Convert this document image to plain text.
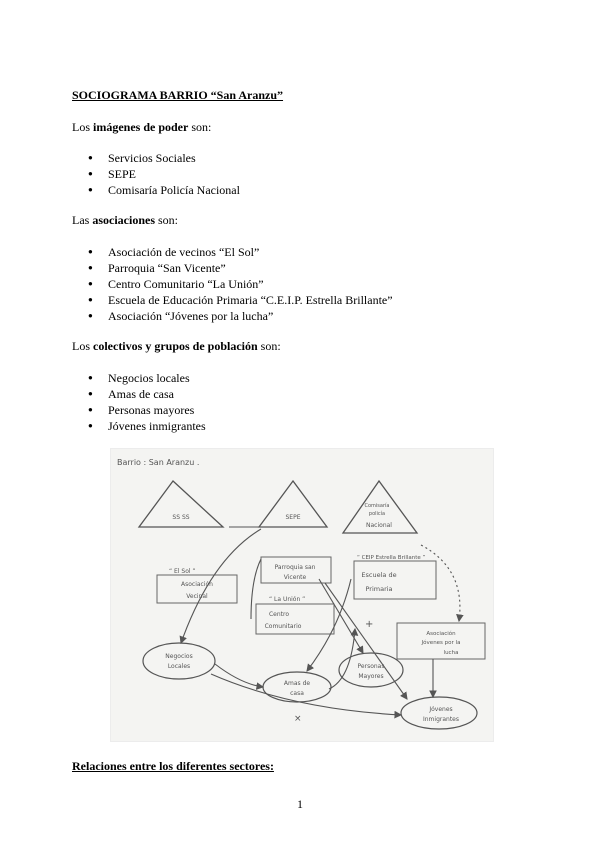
SOCIOGRAMA BARRIO “San Aranzu”
Los imágenes de poder son:
● Servicios Sociales
● SEPE
● Comisaría Policía Nacional
Las asociaciones son:
● Asociación de vecinos “El Sol”
● Parroquia “San Vicente”
● Centro Comunitario “La Unión”
● Escuela de Educación Primaria “C.E.I.P. Estrella Brillante”
● Asociación “Jóvenes por la lucha”
Los colectivos y grupos de población son:
● Negocios locales
● Amas de casa
● Personas mayores
● Jóvenes inmigrantes
Barrio : San Aranzu .
SS SS	SEPE
Comisaría
policía
Nacional
“ El Sol ”
Asociación
Vecinal
Parroquia san
Vicente
“ La Unión ”
Centro
Comunitario
“ CEIP Estrella Brillante ”
Escuela de
Primaria
Asociación
Jóvenes por la
lucha
Negocios
Locales
Amas de
casa
Personas
Mayores
Jóvenes
Inmigrantes
×
+
Relaciones entre los diferentes sectores:
1
